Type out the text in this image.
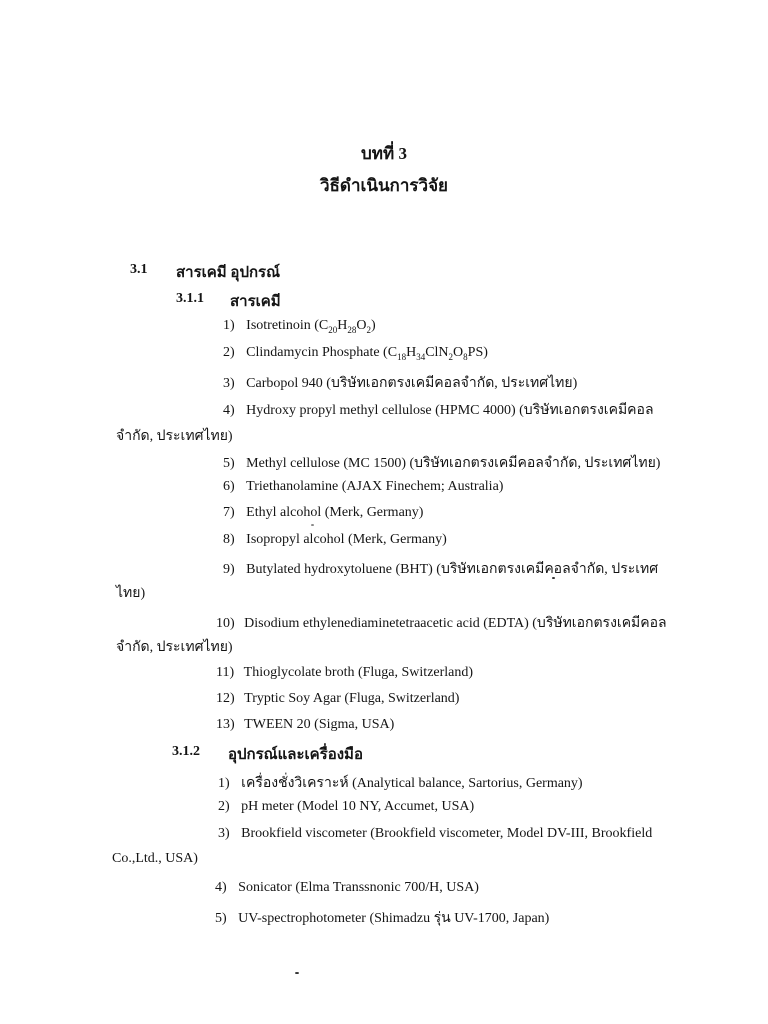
บทที่ 3
วิธีดำเนินการวิจัย
3.1 สารเคมี อุปกรณ์
3.1.1 สารเคมี
1) Isotretinoin $(C_{20}H_{28}O_2)$
2) Clindamycin Phosphate $(C_{18}H_{34}ClN_2O_8PS)$
3) Carbopol 940 (บริษัทเอกตรงเคมีคอลจำกัด, ประเทศไทย)
4) Hydroxy propyl methyl cellulose (HPMC 4000) (บริษัทเอกตรงเคมีคอล
จำกัด, ประเทศไทย)
5) Methyl cellulose (MC 1500) (บริษัทเอกตรงเคมีคอลจำกัด, ประเทศไทย)
6) Triethanolamine (AJAX Finechem; Australia)
7) Ethyl alcohol (Merk, Germany)
8) Isopropyl alcohol (Merk, Germany)
9) Butylated hydroxytoluene (BHT) (บริษัทเอกตรงเคมีคอลจำกัด, ประเทศ
ไทย)
10) Disodium ethylenediaminetetraacetic acid (EDTA) (บริษัทเอกตรงเคมีคอล
จำกัด, ประเทศไทย)
11) Thioglycolate broth (Fluga, Switzerland)
12) Tryptic Soy Agar (Fluga, Switzerland)
13) TWEEN 20 (Sigma, USA)
3.1.2 อุปกรณ์และเครื่องมือ
1) เครื่องชั่งวิเคราะห์ (Analytical balance, Sartorius, Germany)
2) pH meter (Model 10 NY, Accumet, USA)
3) Brookfield viscometer (Brookfield viscometer, Model DV-III, Brookfield
Co.,Ltd., USA)
4) Sonicator (Elma Transsnonic 700/H, USA)
5) UV-spectrophotometer (Shimadzu รุ่น UV-1700, Japan)
